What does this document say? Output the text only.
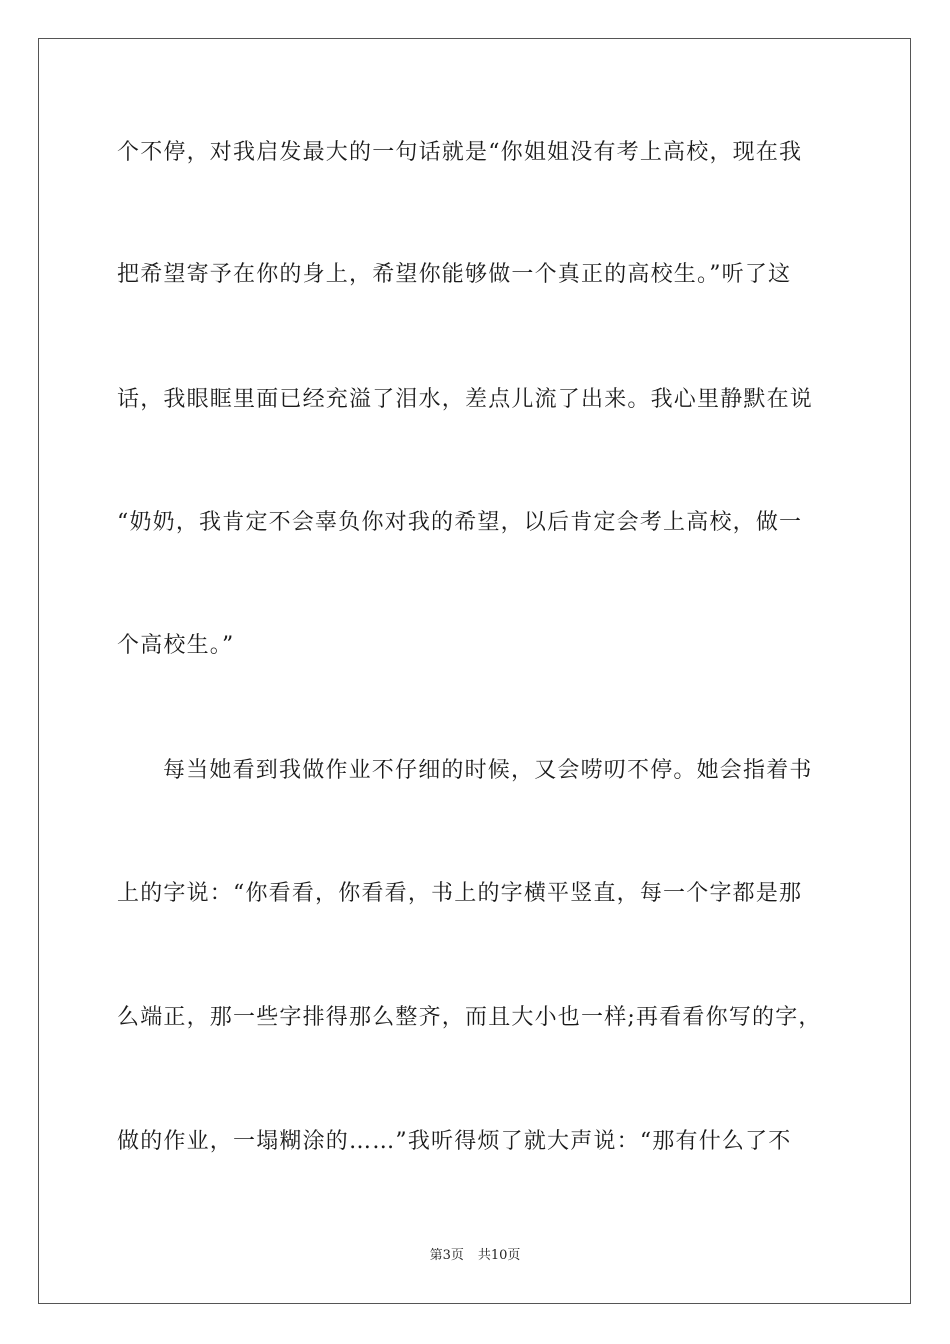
个不停，对我启发最大的一句话就是“你姐姐没有考上高校，现在我
把希望寄予在你的身上，希望你能够做一个真正的高校生。”听了这
话，我眼眶里面已经充溢了泪水，差点儿流了出来。我心里静默在说
“奶奶，我肯定不会辜负你对我的希望，以后肯定会考上高校，做一
个高校生。”
每当她看到我做作业不仔细的时候，又会唠叨不停。她会指着书
上的字说：“你看看，你看看，书上的字横平竖直，每一个字都是那
么端正，那一些字排得那么整齐，而且大小也一样;再看看你写的字，
做的作业，一塌糊涂的……”我听得烦了就大声说：“那有什么了不
第3页 共10页
